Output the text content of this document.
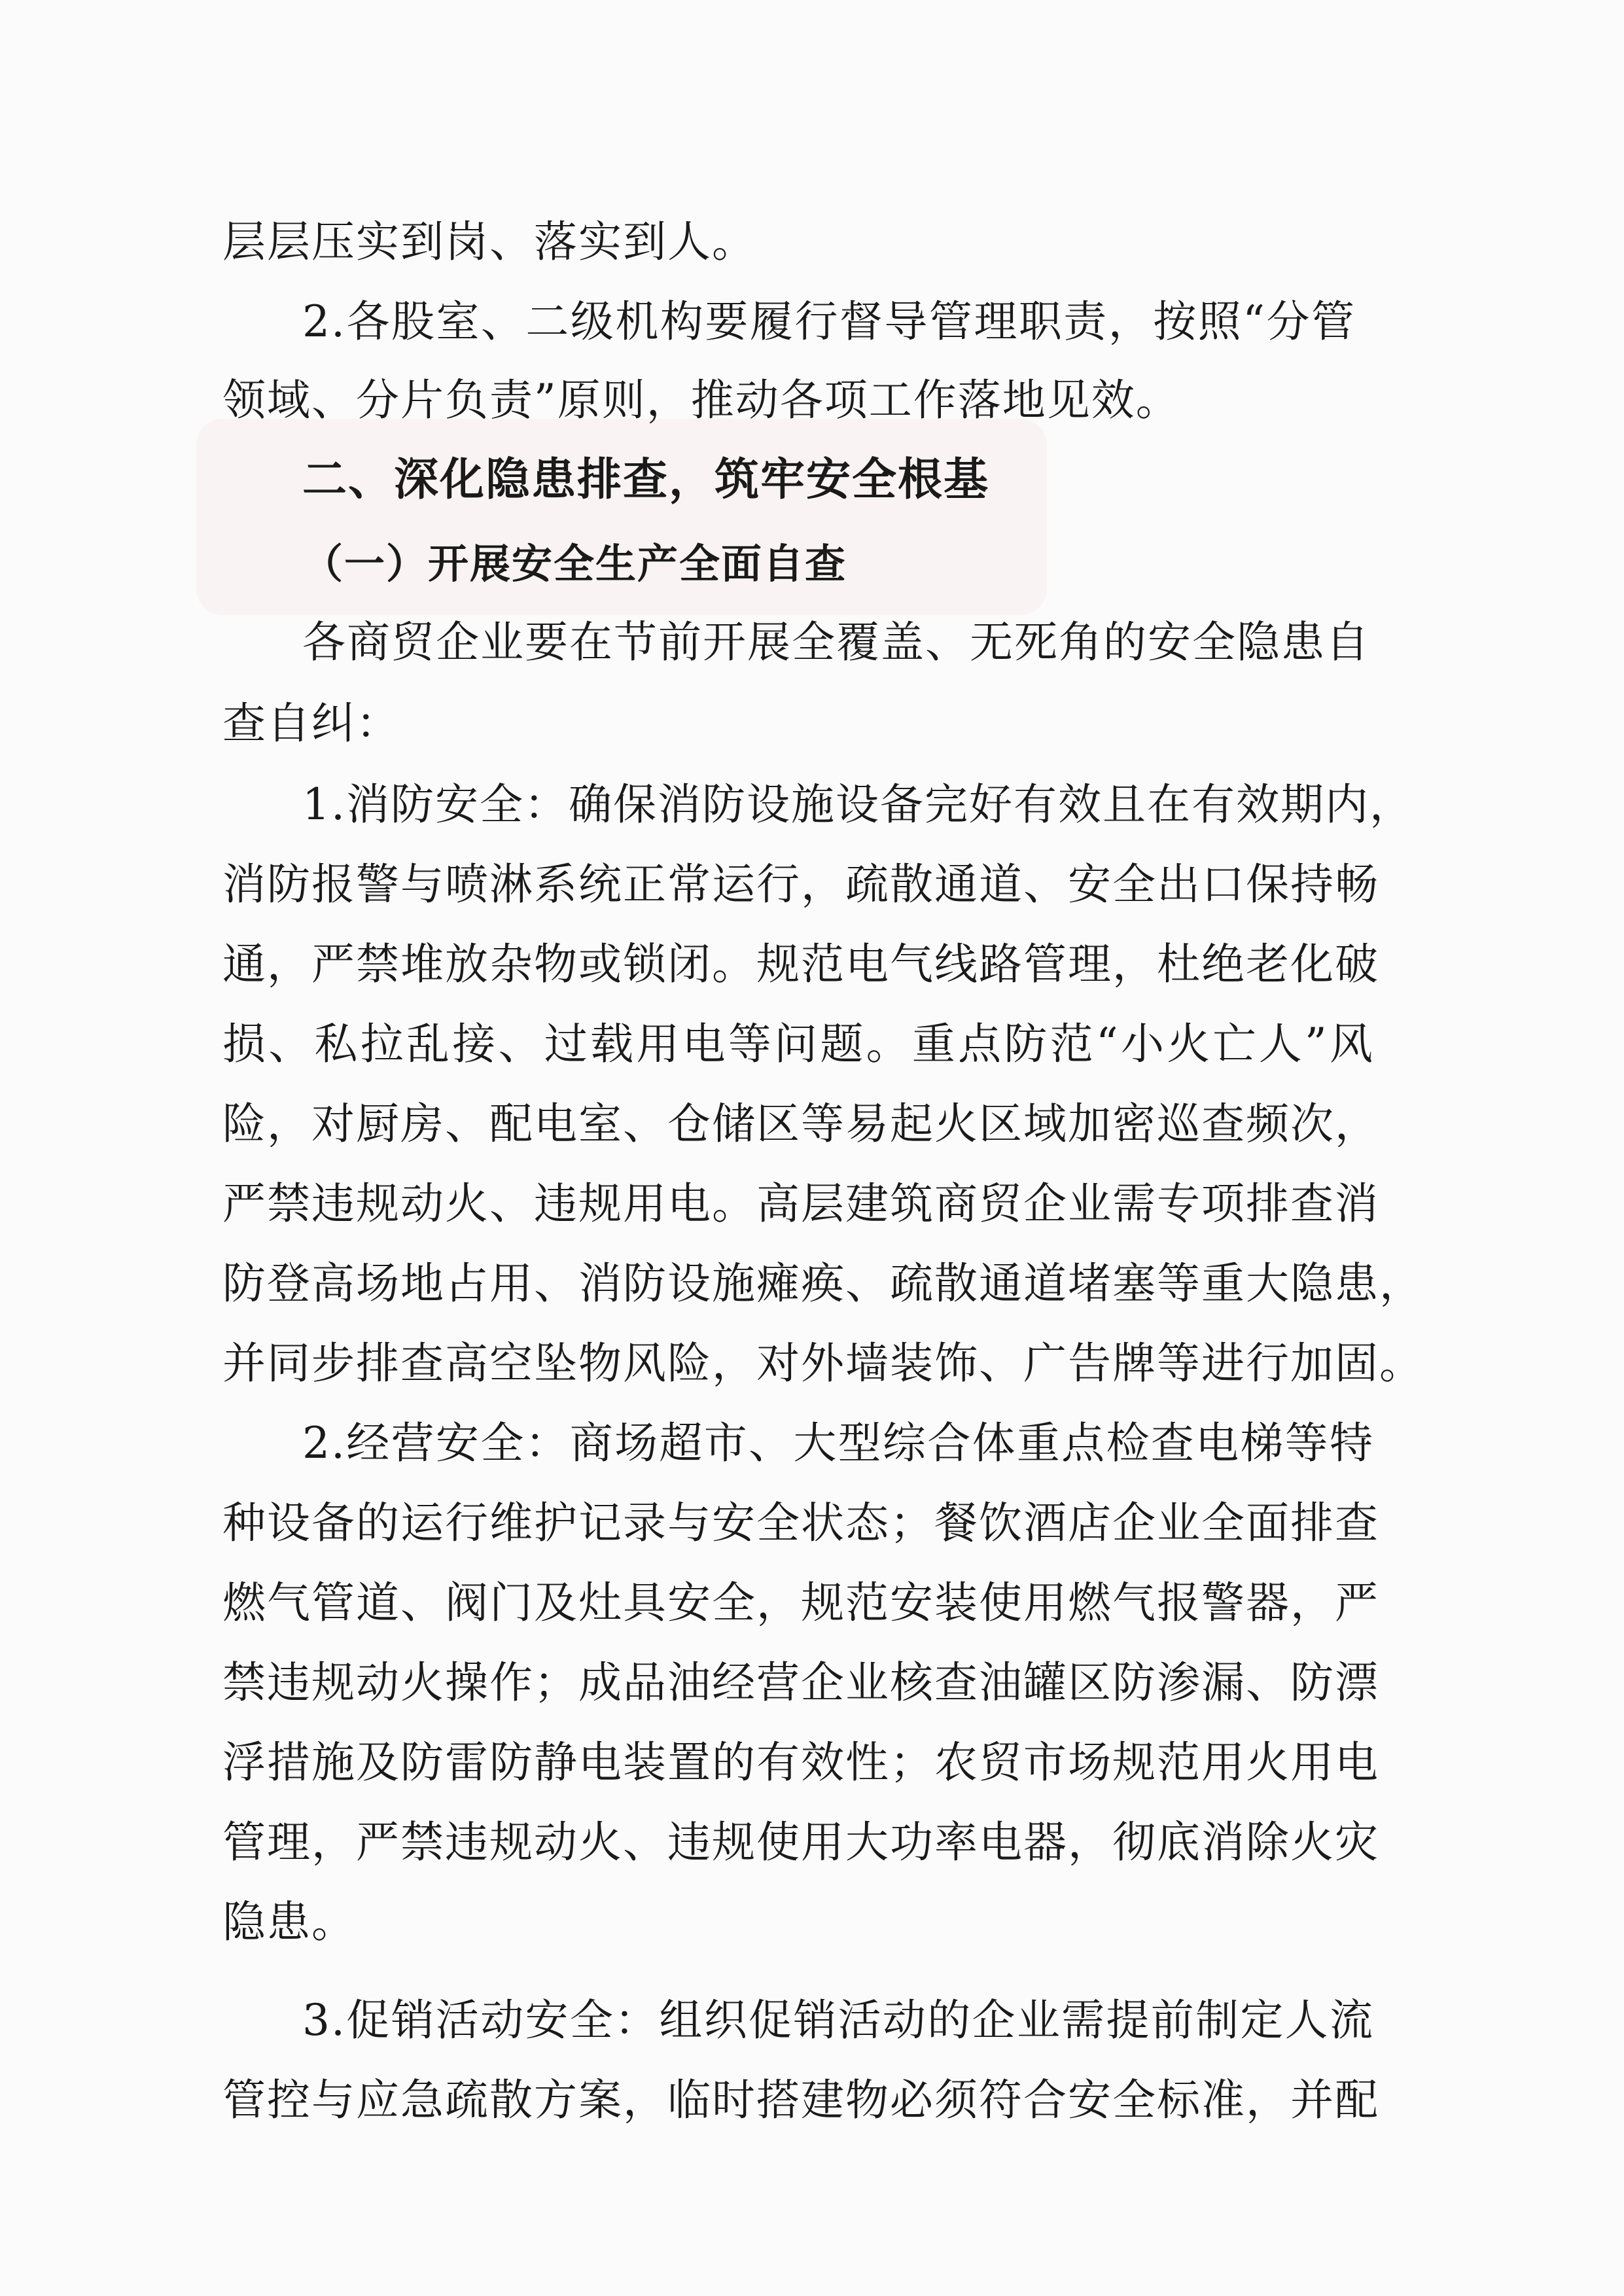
层层压实到岗、落实到人。
2.各股室、二级机构要履行督导管理职责，按照“分管
领域、分片负责”原则，推动各项工作落地见效。
二、深化隐患排查，筑牢安全根基
（一）开展安全生产全面自查
各商贸企业要在节前开展全覆盖、无死角的安全隐患自
查自纠：
1.消防安全：确保消防设施设备完好有效且在有效期内，
消防报警与喷淋系统正常运行，疏散通道、安全出口保持畅
通，严禁堆放杂物或锁闭。规范电气线路管理，杜绝老化破
损、私拉乱接、过载用电等问题。重点防范“小火亡人”风
险，对厨房、配电室、仓储区等易起火区域加密巡查频次，
严禁违规动火、违规用电。高层建筑商贸企业需专项排查消
防登高场地占用、消防设施瘫痪、疏散通道堵塞等重大隐患，
并同步排查高空坠物风险，对外墙装饰、广告牌等进行加固。
2.经营安全：商场超市、大型综合体重点检查电梯等特
种设备的运行维护记录与安全状态；餐饮酒店企业全面排查
燃气管道、阀门及灶具安全，规范安装使用燃气报警器，严
禁违规动火操作；成品油经营企业核查油罐区防渗漏、防漂
浮措施及防雷防静电装置的有效性；农贸市场规范用火用电
管理，严禁违规动火、违规使用大功率电器，彻底消除火灾
隐患。
3.促销活动安全：组织促销活动的企业需提前制定人流
管控与应急疏散方案，临时搭建物必须符合安全标准，并配
